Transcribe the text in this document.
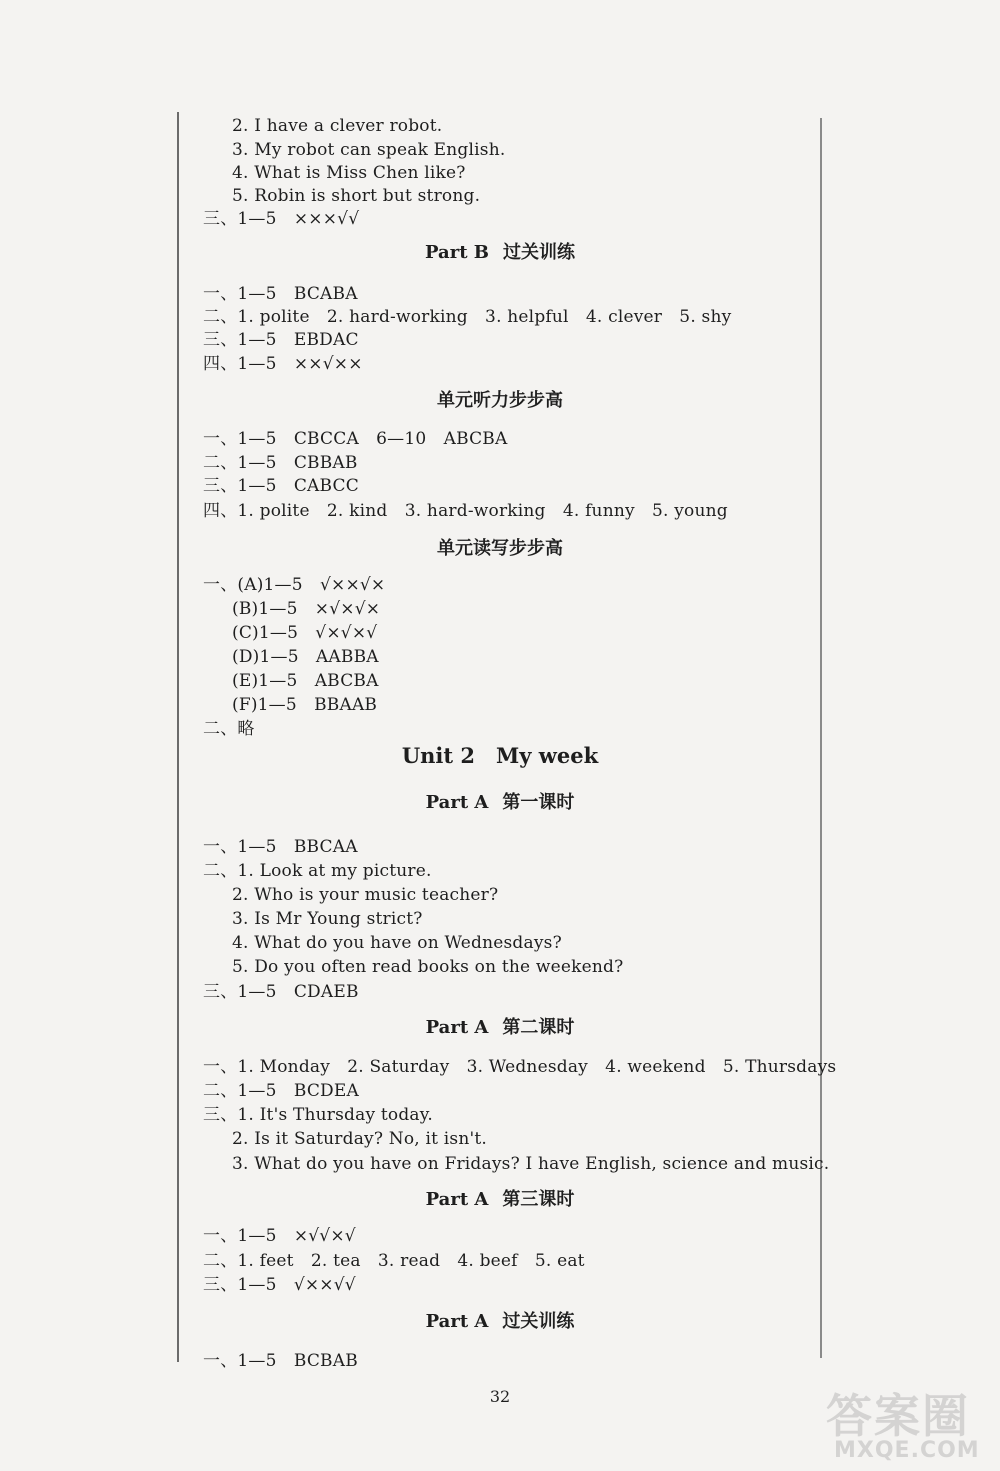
2. I have a clever robot.
3. My robot can speak English.
4. What is Miss Chen like?
5. Robin is short but strong.
三、1—5　×××√√
Part B 过关训练
一、1—5　BCABA
二、1. polite　2. hard-working　3. helpful　4. clever　5. shy
三、1—5　EBDAC
四、1—5　××√××
单元听力步步高
一、1—5　CBCCA　6—10　ABCBA
二、1—5　CBBAB
三、1—5　CABCC
四、1. polite　2. kind　3. hard-working　4. funny　5. young
单元读写步步高
一、(A)1—5　√××√×
(B)1—5　×√×√×
(C)1—5　√×√×√
(D)1—5　AABBA
(E)1—5　ABCBA
(F)1—5　BBAAB
二、略
Unit 2　My week
Part A 第一课时
一、1—5　BBCAA
二、1. Look at my picture.
2. Who is your music teacher?
3. Is Mr Young strict?
4. What do you have on Wednesdays?
5. Do you often read books on the weekend?
三、1—5　CDAEB
Part A 第二课时
一、1. Monday　2. Saturday　3. Wednesday　4. weekend　5. Thursdays
二、1—5　BCDEA
三、1. It's Thursday today.
2. Is it Saturday? No, it isn't.
3. What do you have on Fridays? I have English, science and music.
Part A 第三课时
一、1—5　×√√×√
二、1. feet　2. tea　3. read　4. beef　5. eat
三、1—5　√××√√
Part A 过关训练
一、1—5　BCBAB
32	答案圈
MXQE.COM
